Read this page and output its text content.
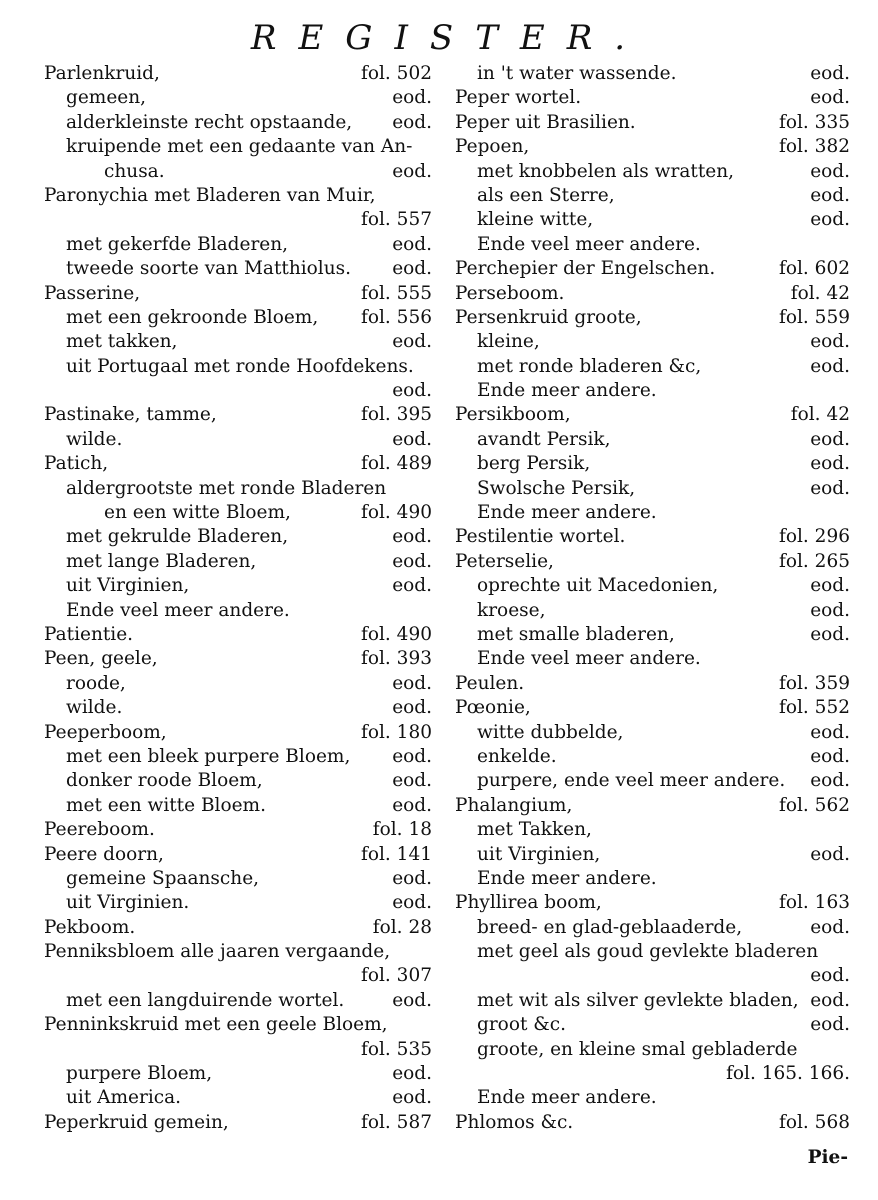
REGISTER.
Parlenkruid,	fol. 502
gemeen,	eod.
alderkleinste recht opstaande, eod.
kruipende met een gedaante van An-
chusa.	eod.
Paronychia met Bladeren van Muir,
fol. 557
met gekerfde Bladeren,	eod.
tweede soorte van Matthiolus. eod.
Passerine,	fol. 555
met een gekroonde Bloem, fol. 556
met takken,	eod.
uit Portugaal met ronde Hoofdekens.
eod.
Pastinake, tamme,	fol. 395
wilde.	eod.
Patich,	fol. 489
aldergrootste met ronde Bladeren
en een witte Bloem,	fol. 490
met gekrulde Bladeren,	eod.
met lange Bladeren,	eod.
uit Virginien,	eod.
Ende veel meer andere.
Patientie.	fol. 490
Peen, geele,	fol. 393
roode,	eod.
wilde.	eod.
Peeperboom,	fol. 180
met een bleek purpere Bloem, eod.
donker roode Bloem,	eod.
met een witte Bloem.	eod.
Peereboom.	fol. 18
Peere doorn,	fol. 141
gemeine Spaansche,	eod.
uit Virginien.	eod.
Pekboom.	fol. 28
Penniksbloem alle jaaren vergaande,
fol. 307
met een langduirende wortel.	eod.
Penninkskruid met een geele Bloem,
fol. 535
purpere Bloem,	eod.
uit America.	eod.
Peperkruid gemein,	fol. 587
in 't water wassende.	eod.
Peper wortel.	eod.
Peper uit Brasilien.	fol. 335
Pepoen,	fol. 382
met knobbelen als wratten,	eod.
als een Sterre,	eod.
kleine witte,	eod.
Ende veel meer andere.
Perchepier der Engelschen.	fol. 602
Perseboom.	fol. 42
Persenkruid groote,	fol. 559
kleine,	eod.
met ronde bladeren &c,	eod.
Ende meer andere.
Persikboom,	fol. 42
avandt Persik,	eod.
berg Persik,	eod.
Swolsche Persik,	eod.
Ende meer andere.
Pestilentie wortel.	fol. 296
Peterselie,	fol. 265
oprechte uit Macedonien,	eod.
kroese,	eod.
met smalle bladeren,	eod.
Ende veel meer andere.
Peulen.	fol. 359
Pœonie,	fol. 552
witte dubbelde,	eod.
enkelde.	eod.
purpere, ende veel meer andere. eod.
Phalangium,	fol. 562
met Takken,
uit Virginien,	eod.
Ende meer andere.
Phyllirea boom,	fol. 163
breed- en glad-geblaaderde,	eod.
met geel als goud gevlekte bladeren
eod.
met wit als silver gevlekte bladen, eod.
groot &c.	eod.
groote, en kleine smal gebladerde
fol. 165. 166.
Ende meer andere.
Phlomos &c.	fol. 568
Pie-
